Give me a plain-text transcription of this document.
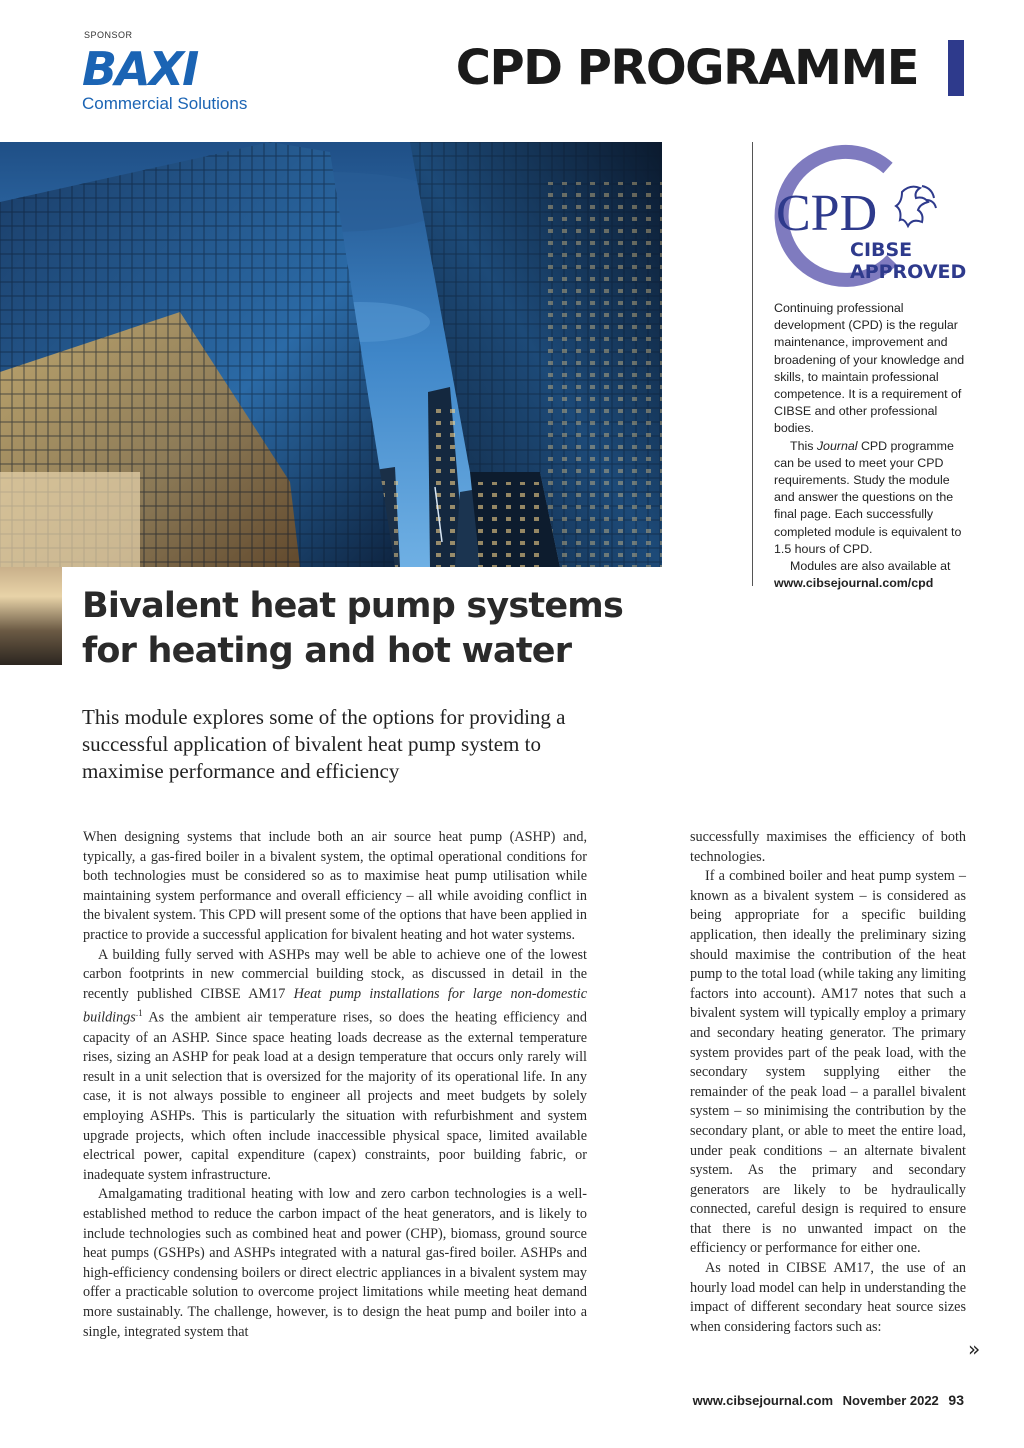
SPONSOR
BAXI
Commercial Solutions
CPD PROGRAMME
Bivalent heat pump systems for heating and hot water
This module explores some of the options for providing a successful application of bivalent heat pump system to maximise performance and efficiency
CPD
CIBSE
APPROVED

Continuing professional development (CPD) is the regular maintenance, improvement and broadening of your knowledge and skills, to maintain professional competence. It is a requirement of CIBSE and other professional bodies.

This Journal CPD programme can be used to meet your CPD requirements. Study the module and answer the questions on the final page. Each successfully completed module is equivalent to 1.5 hours of CPD.

Modules are also available at

www.cibsejournal.com/cpd

When designing systems that include both an air source heat pump (ASHP) and, typically, a gas-fired boiler in a bivalent system, the optimal operational conditions for both technologies must be considered so as to maximise heat pump utilisation while maintaining system performance and overall efficiency – all while avoiding conflict in the bivalent system. This CPD will present some of the options that have been applied in practice to provide a successful application for bivalent heating and hot water systems.

A building fully served with ASHPs may well be able to achieve one of the lowest carbon footprints in new commercial building stock, as discussed in detail in the recently published CIBSE AM17 Heat pump installations for large non-domestic buildings$^{.1}$ As the ambient air temperature rises, so does the heating efficiency and capacity of an ASHP. Since space heating loads decrease as the external temperature rises, sizing an ASHP for peak load at a design temperature that occurs only rarely will result in a unit selection that is oversized for the majority of its operational life. In any case, it is not always possible to engineer all projects and meet budgets by solely employing ASHPs. This is particularly the situation with refurbishment and system upgrade projects, which often include inaccessible physical space, limited available electrical power, capital expenditure (capex) constraints, poor building fabric, or inadequate system infrastructure.

Amalgamating traditional heating with low and zero carbon technologies is a well-established method to reduce the carbon impact of the heat generators, and is likely to include technologies such as combined heat and power (CHP), biomass, ground source heat pumps (GSHPs) and ASHPs integrated with a natural gas-fired boiler. ASHPs and high-efficiency condensing boilers or direct electric appliances in a bivalent system may offer a practicable solution to overcome project limitations while meeting heat demand more sustainably. The challenge, however, is to design the heat pump and boiler into a single, integrated system that

successfully maximises the efficiency of both technologies.

If a combined boiler and heat pump system – known as a bivalent system – is considered as being appropriate for a specific building application, then ideally the preliminary sizing should maximise the contribution of the heat pump to the total load (while taking any limiting factors into account). AM17 notes that such a bivalent system will typically employ a primary and secondary heating generator. The primary system provides part of the peak load, with the secondary system supplying either the remainder of the peak load – a parallel bivalent system – so minimising the contribution by the secondary plant, or able to meet the entire load, under peak conditions – an alternate bivalent system. As the primary and secondary generators are likely to be hydraulically connected, careful design is required to ensure that there is no unwanted impact on the efficiency or performance for either one.

As noted in CIBSE AM17, the use of an hourly load model can help in understanding the impact of different secondary heat source sizes when considering factors such as:

»
www.cibsejournal.com November 2022 93
